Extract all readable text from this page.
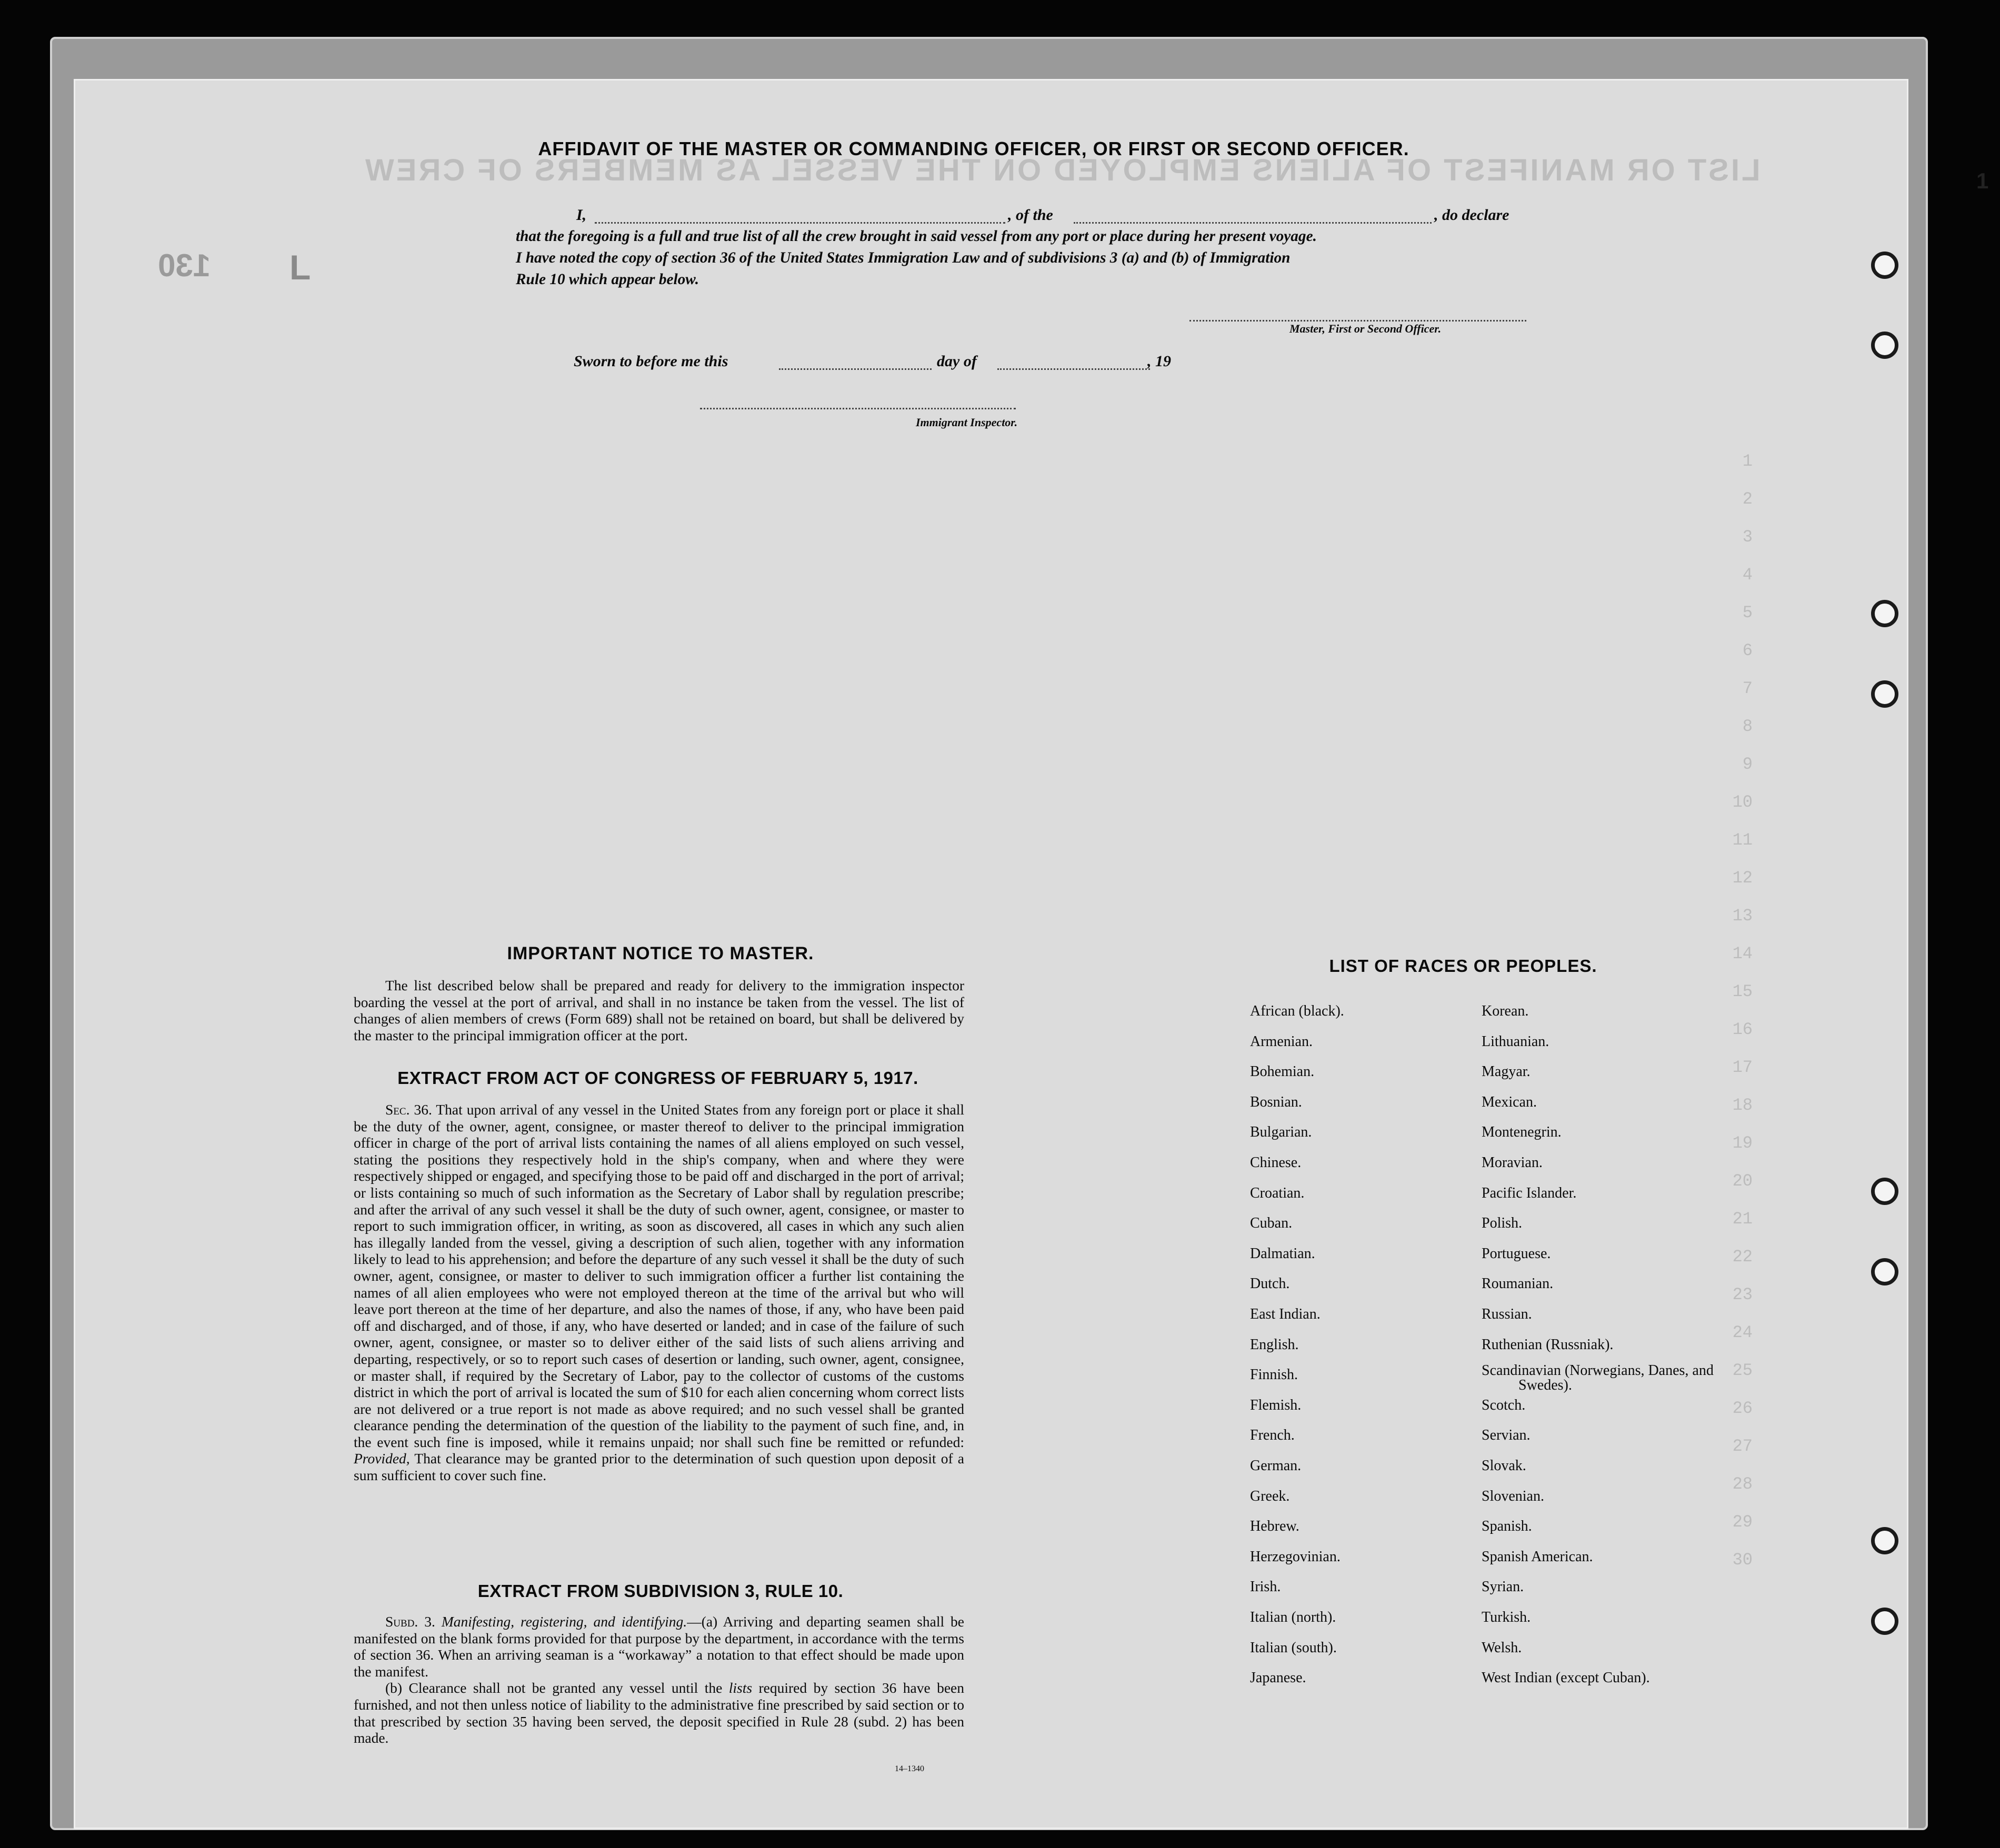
LIST OR MANIFEST OF ALIENS EMPLOYED ON THE VESSEL AS MEMBERS OF CREW
1
2
3
4
5
6
7
8
9
10
11
12
13
14
15
16
17
18
19
20
21
22
23
24
25
26
27
28
29
30
130 L
1
AFFIDAVIT OF THE MASTER OR COMMANDING OFFICER, OR FIRST OR SECOND OFFICER.
I,	, of the	, do declare
that the foregoing is a full and true list of all the crew brought in said vessel from any port or place during her present voyage.
I have noted the copy of section 36 of the United States Immigration Law and of subdivisions 3 (a) and (b) of Immigration
Rule 10 which appear below.
Master, First or Second Officer.
Sworn to before me this	day of	, 19
Immigrant Inspector.
IMPORTANT NOTICE TO MASTER.

The list described below shall be prepared and ready for delivery to the immigration inspector boarding the vessel at the port of arrival, and shall in no instance be taken from the vessel. The list of changes of alien members of crews (Form 689) shall not be retained on board, but shall be delivered by the master to the principal immigration officer at the port.

EXTRACT FROM ACT OF CONGRESS OF FEBRUARY 5, 1917.

Sec. 36. That upon arrival of any vessel in the United States from any foreign port or place it shall be the duty of the owner, agent, consignee, or master thereof to deliver to the principal immigration officer in charge of the port of arrival lists containing the names of all aliens employed on such vessel, stating the positions they respectively hold in the ship's company, when and where they were respectively shipped or engaged, and specifying those to be paid off and discharged in the port of arrival; or lists containing so much of such information as the Secretary of Labor shall by regulation prescribe; and after the arrival of any such vessel it shall be the duty of such owner, agent, consignee, or master to report to such immigration officer, in writing, as soon as discovered, all cases in which any such alien has illegally landed from the vessel, giving a description of such alien, together with any information likely to lead to his apprehension; and before the departure of any such vessel it shall be the duty of such owner, agent, consignee, or master to deliver to such immigration officer a further list containing the names of all alien employees who were not employed thereon at the time of the arrival but who will leave port thereon at the time of her departure, and also the names of those, if any, who have been paid off and discharged, and of those, if any, who have deserted or landed; and in case of the failure of such owner, agent, consignee, or master so to deliver either of the said lists of such aliens arriving and departing, respectively, or so to report such cases of desertion or landing, such owner, agent, consignee, or master shall, if required by the Secretary of Labor, pay to the collector of customs of the customs district in which the port of arrival is located the sum of $10 for each alien concerning whom correct lists are not delivered or a true report is not made as above required; and no such vessel shall be granted clearance pending the determination of the question of the liability to the payment of such fine, and, in the event such fine is imposed, while it remains unpaid; nor shall such fine be remitted or refunded: Provided, That clearance may be granted prior to the determination of such question upon deposit of a sum sufficient to cover such fine.

EXTRACT FROM SUBDIVISION 3, RULE 10.

Subd. 3. Manifesting, registering, and identifying.—(a) Arriving and departing seamen shall be manifested on the blank forms provided for that purpose by the department, in accordance with the terms of section 36. When an arriving seaman is a “workaway” a notation to that effect should be made upon the manifest.

(b) Clearance shall not be granted any vessel until the lists required by section 36 have been furnished, and not then unless notice of liability to the administrative fine prescribed by said section or to that prescribed by section 35 having been served, the deposit specified in Rule 28 (subd. 2) has been made.

14–1340
LIST OF RACES OR PEOPLES.
African (black).
Armenian.
Bohemian.
Bosnian.
Bulgarian.
Chinese.
Croatian.
Cuban.
Dalmatian.
Dutch.
East Indian.
English.
Finnish.
Flemish.
French.
German.
Greek.
Hebrew.
Herzegovinian.
Irish.
Italian (north).
Italian (south).
Japanese.
Korean.
Lithuanian.
Magyar.
Mexican.
Montenegrin.
Moravian.
Pacific Islander.
Polish.
Portuguese.
Roumanian.
Russian.
Ruthenian (Russniak).
Scandinavian (Norwegians, Danes, and Swedes).
Scotch.
Servian.
Slovak.
Slovenian.
Spanish.
Spanish American.
Syrian.
Turkish.
Welsh.
West Indian (except Cuban).
